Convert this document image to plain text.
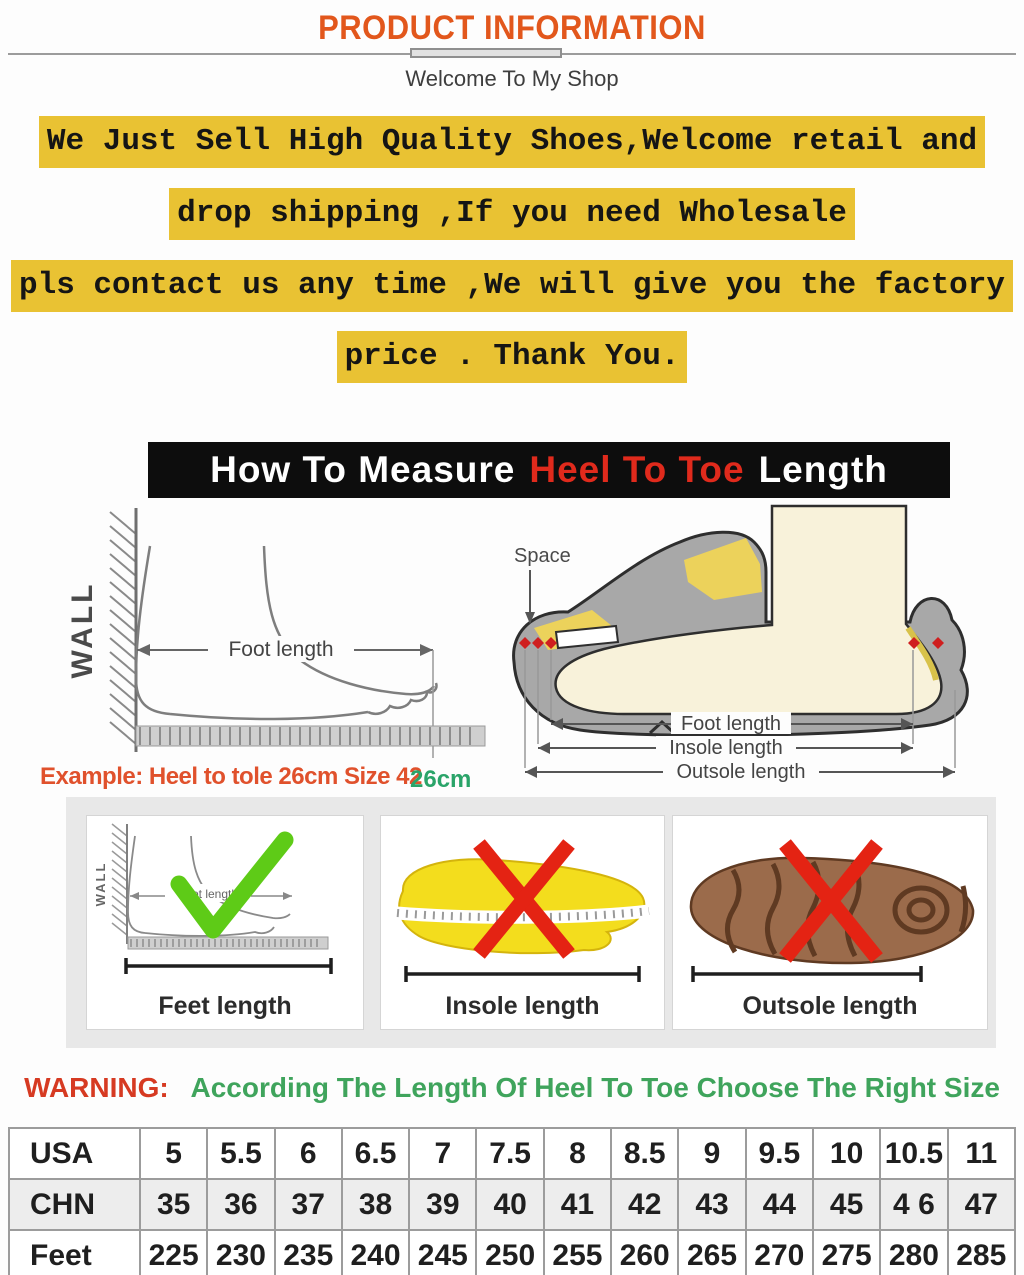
PRODUCT INFORMATION
Welcome To My Shop
We Just Sell High Quality Shoes,Welcome retail and
drop shipping ,If you need Wholesale
pls contact us any time ,We will give you the factory
price . Thank You.
How To Measure Heel To Toe Length
WALL	Foot length
Example: Heel to tole 26cm Size 42
26cm
Space
Foot length
Insole length
Outsole length
WALL	Foot length
Feet length	Insole length	Outsole length
WARNING: According The Length Of Heel To Toe Choose The Right Size
USA	5	5.5	6	6.5	7	7.5	8	8.5	9	9.5	10	10.5	11
CHN	35	36	37	38	39	40	41	42	43	44	45	4 6	47
Feet	225	230	235	240	245	250	255	260	265	270	275	280	285
